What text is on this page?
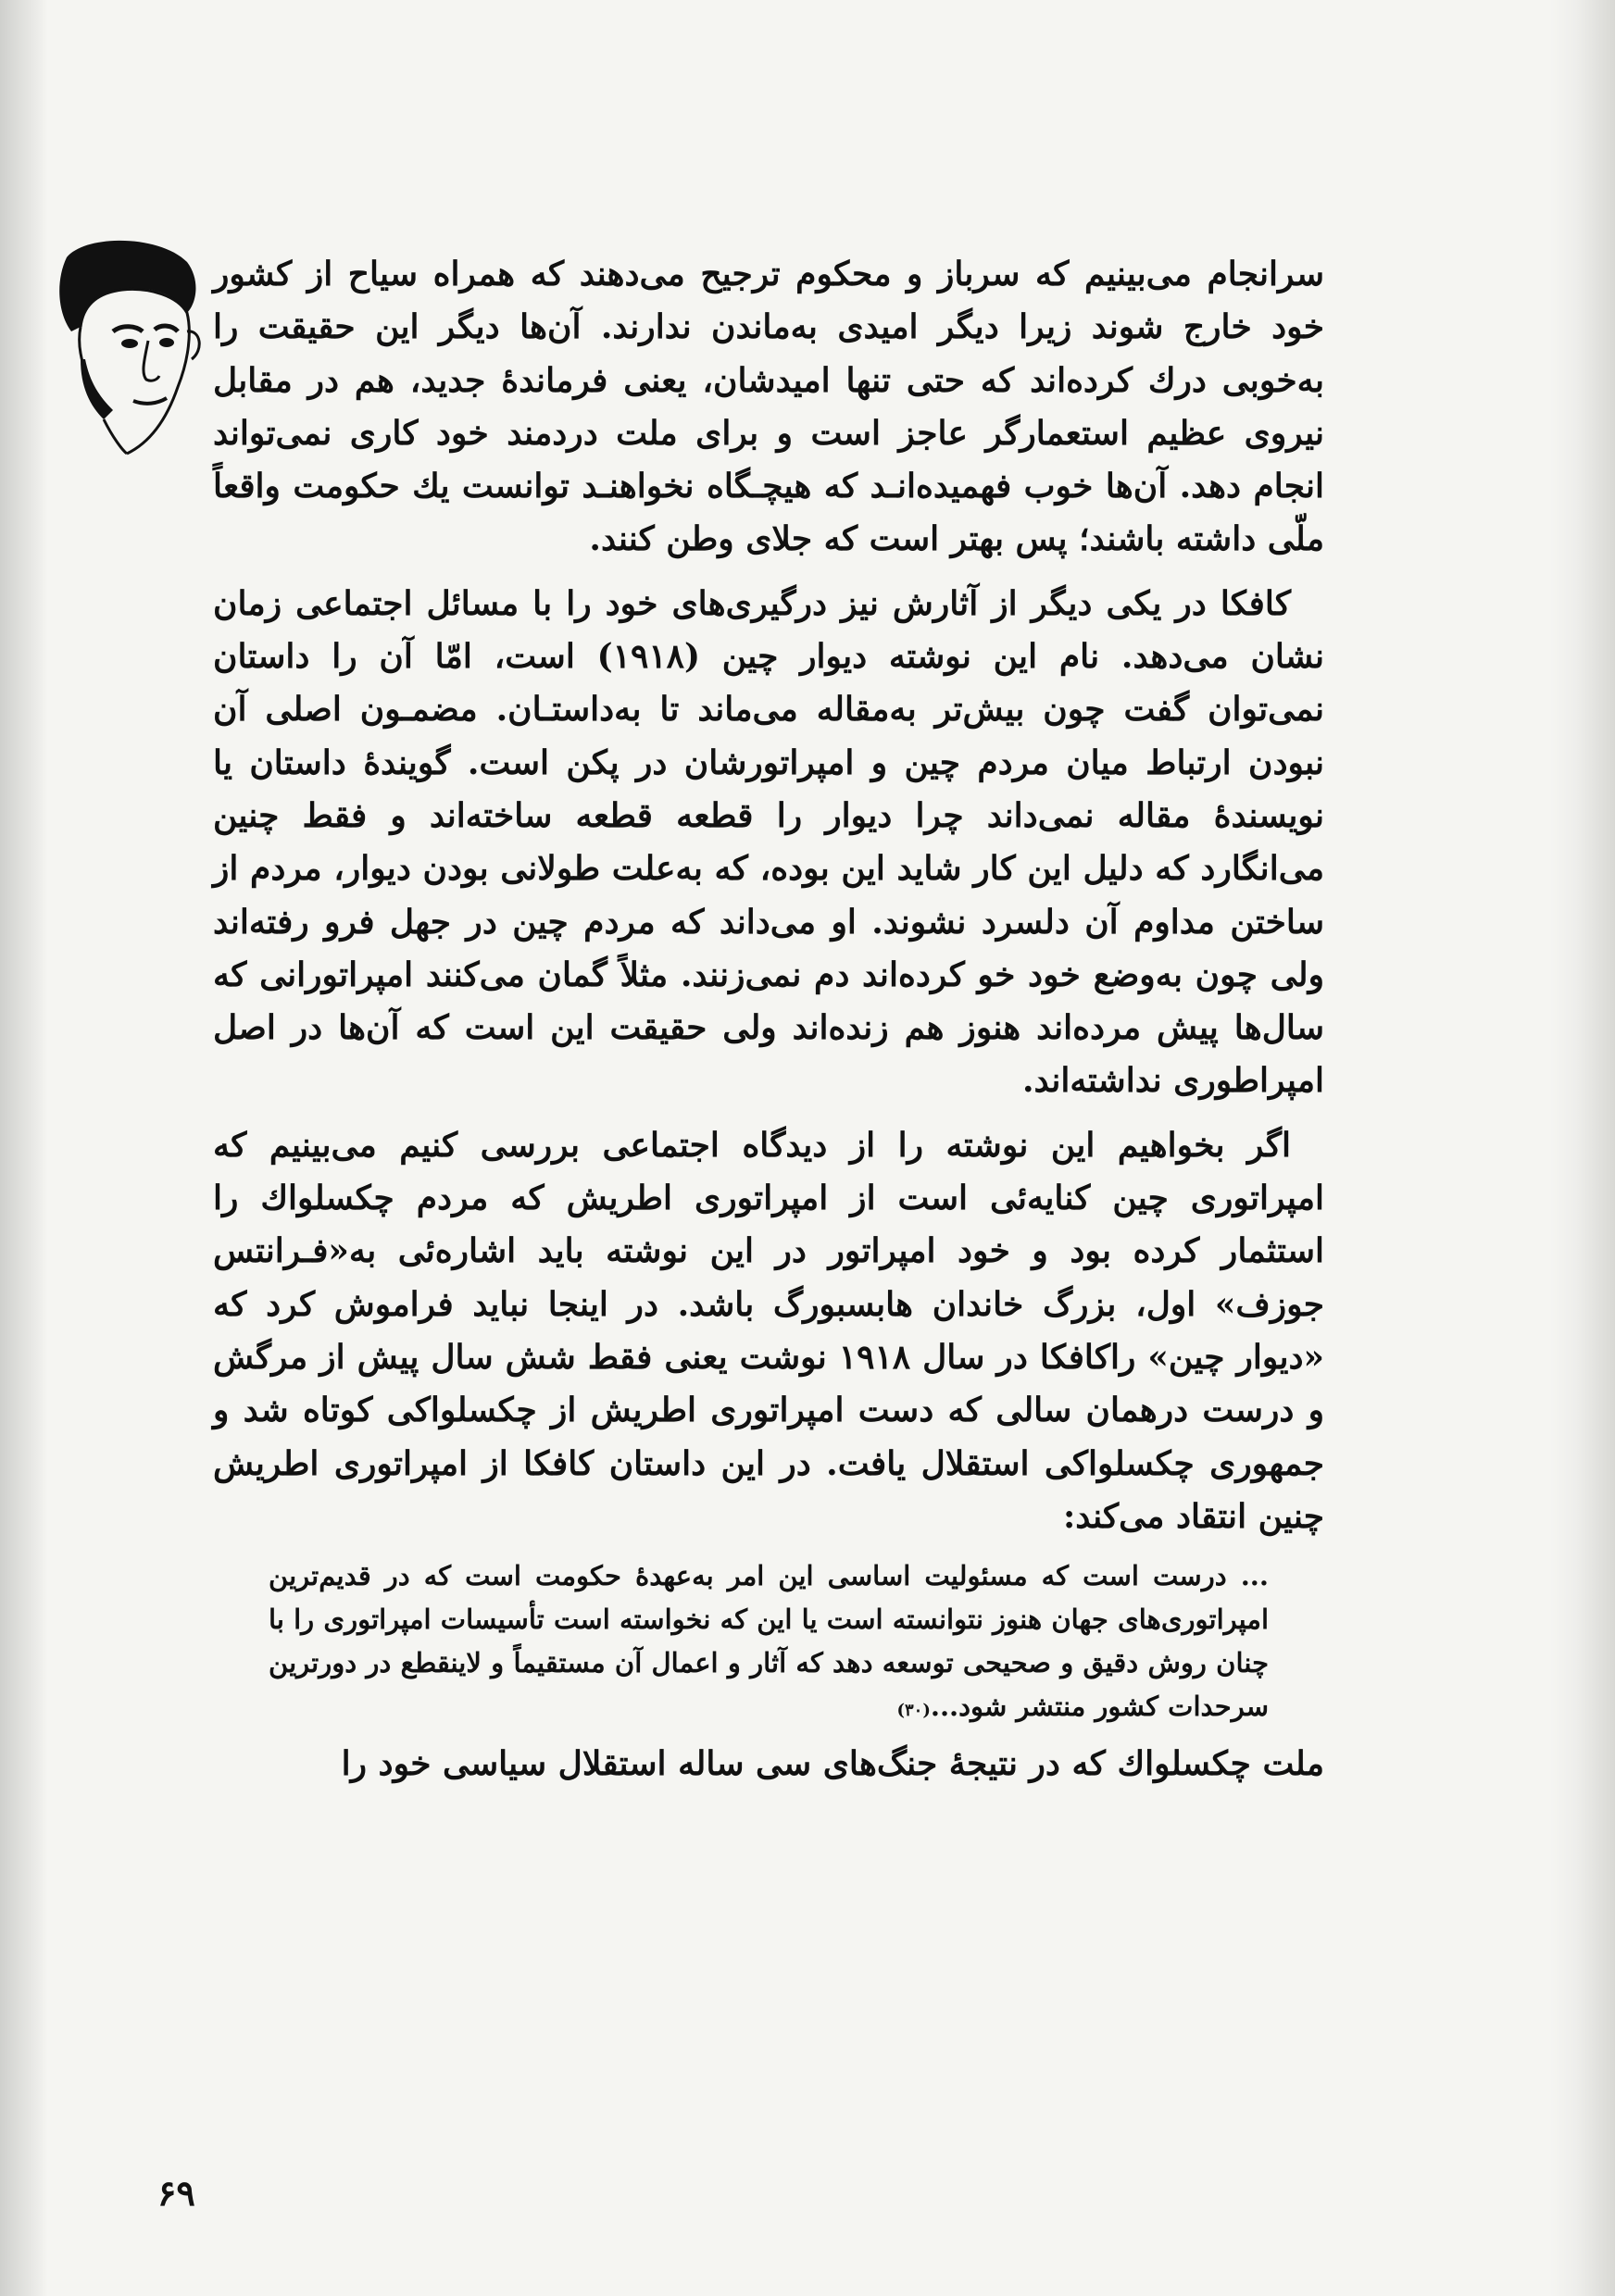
سرانجام می‌بینیم که سرباز و محکوم ترجیح می‌دهند که همراه سیاح از کشور خود خارج شوند زیرا دیگر امیدی به‌ماندن ندارند. آن‌ها دیگر این حقیقت را به‌خوبی درك کرده‌اند که حتی تنها امیدشان، یعنی فرماندهٔ جدید، هم در مقابل نیروی عظیم استعمارگر عاجز است و برای ملت دردمند خود کاری نمی‌تواند انجام دهد. آن‌ها خوب فهمیده‌انـد که هیچـگاه نخواهنـد توانست یك حکومت واقعاً ملّی داشته باشند؛ پس بهتر است که جلای وطن کنند.

کافکا در یکی دیگر از آثارش نیز درگیری‌های خود را با مسائل اجتماعی زمان نشان می‌دهد. نام این نوشته دیوار چین (۱۹۱۸) است، امّا آن را داستان نمی‌توان گفت چون بیش‌تر به‌مقاله می‌ماند تا به‌داستـان. مضمـون اصلی آن نبودن ارتباط میان مردم چین و امپراتورشان در پکن است. گویندهٔ داستان یا نویسندهٔ مقاله نمی‌داند چرا دیوار را قطعه قطعه ساخته‌اند و فقط چنین می‌انگارد که دلیل این کار شاید این بوده، که به‌علت طولانی بودن دیوار، مردم از ساختن مداوم آن دلسرد نشوند. او می‌داند که مردم چین در جهل فرو رفته‌اند ولی چون به‌وضع خود خو کرده‌اند دم نمی‌زنند. مثلاً گمان می‌کنند امپراتورانی که سال‌ها پیش مرده‌اند هنوز هم زنده‌اند ولی حقیقت این است که آن‌ها در اصل امپراطوری نداشته‌اند.

اگر بخواهیم این نوشته را از دیدگاه اجتماعی بررسی کنیم می‌بینیم که امپراتوری چین کنایه‌ئی است از امپراتوری اطریش که مردم چکسلواك را استثمار کرده بود و خود امپراتور در این نوشته باید اشاره‌ئی به«فـرانتس جوزف» اول، بزرگ خاندان هابسبورگ باشد. در اینجا نباید فراموش کرد که «دیوار چین» راکافکا در سال ۱۹۱۸ نوشت یعنی فقط شش سال پیش از مرگش و درست درهمان سالی که دست امپراتوری اطریش از چکسلواکی کوتاه شد و جمهوری چکسلواکی استقلال یافت. در این داستان کافکا از امپراتوری اطریش چنین انتقاد می‌کند:

... درست است که مسئولیت اساسی این امر به‌عهدهٔ حکومت است که در قدیم‌ترین امپراتوری‌های جهان هنوز نتوانسته است یا این که نخواسته است تأسیسات امپراتوری را با چنان روش دقیق و صحیحی توسعه دهد که آثار و اعمال آن مستقیماً و لاینقطع در دورترین سرحدات کشور منتشر شود...(۳۰)

ملت چکسلواك که در نتیجهٔ جنگ‌های سی ساله استقلال سیاسی خود را

۶۹
